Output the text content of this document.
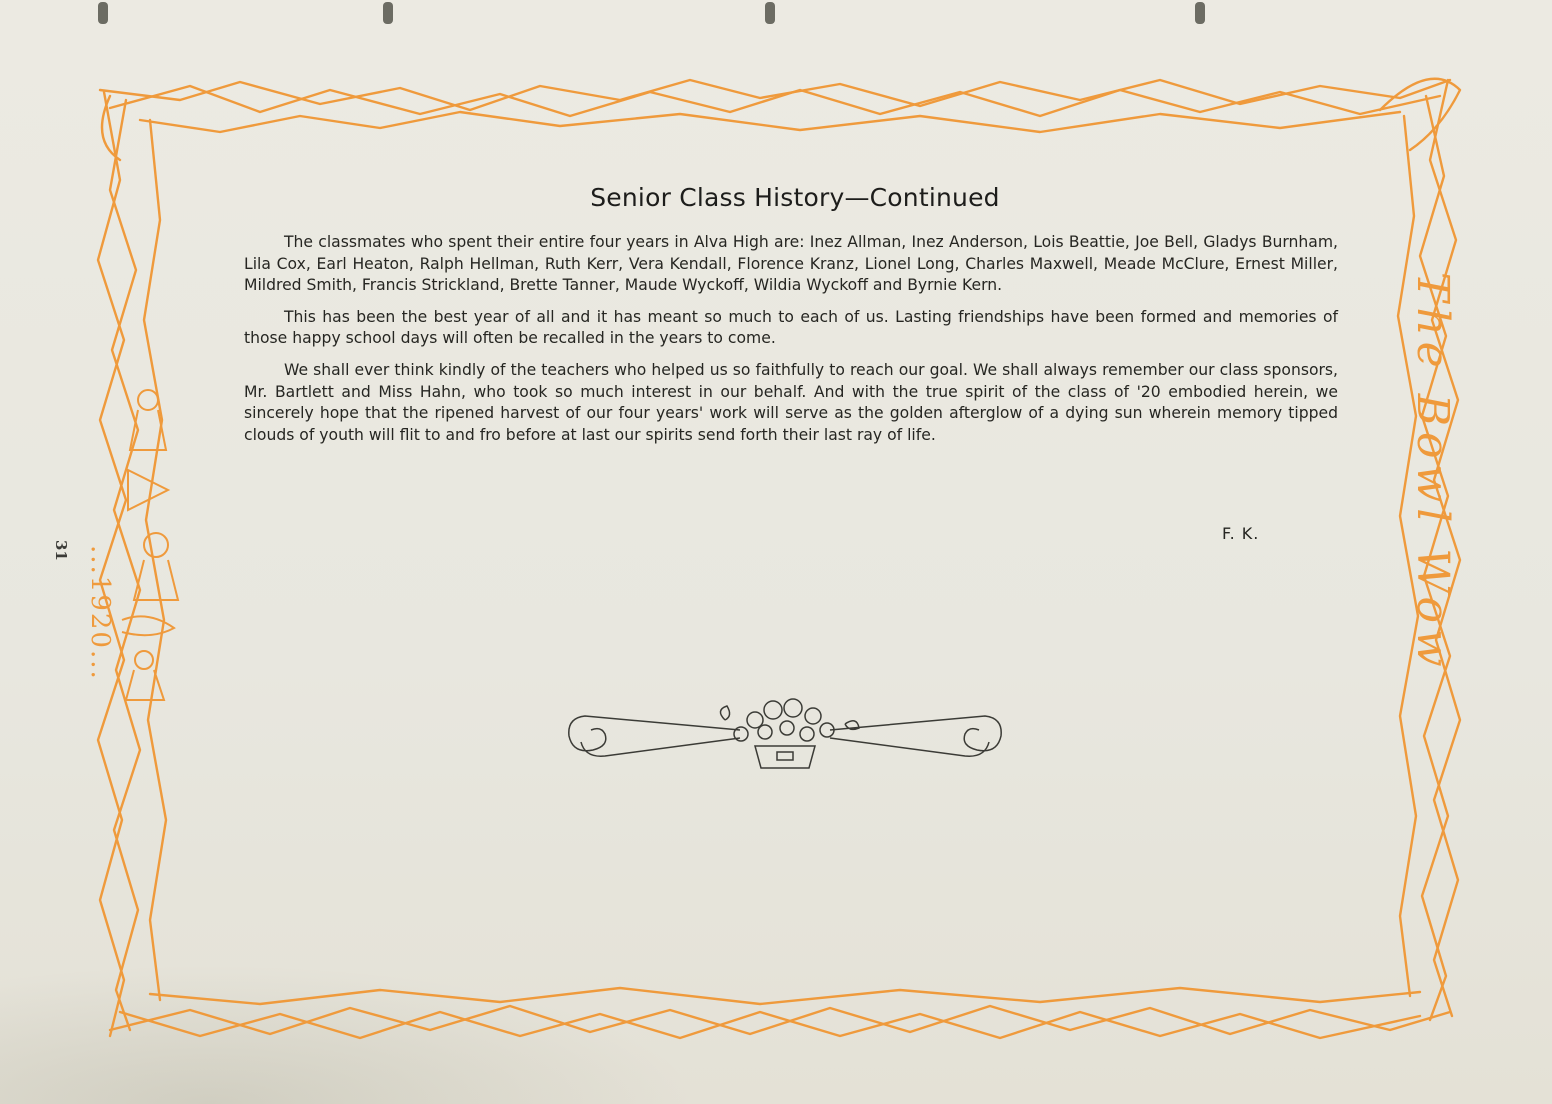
...1920...
31	The Bowl Wow
Senior Class History—Continued

The classmates who spent their entire four years in Alva High are: Inez Allman, Inez Anderson, Lois Beattie, Joe Bell, Gladys Burnham, Lila Cox, Earl Heaton, Ralph Hellman, Ruth Kerr, Vera Kendall, Florence Kranz, Lionel Long, Charles Maxwell, Meade McClure, Ernest Miller, Mildred Smith, Francis Strickland, Brette Tanner, Maude Wyckoff, Wildia Wyckoff and Byrnie Kern.

This has been the best year of all and it has meant so much to each of us. Lasting friendships have been formed and memories of those happy school days will often be recalled in the years to come.

We shall ever think kindly of the teachers who helped us so faithfully to reach our goal. We shall always remember our class sponsors, Mr. Bartlett and Miss Hahn, who took so much interest in our behalf. And with the true spirit of the class of '20 embodied herein, we sincerely hope that the ripened harvest of our four years' work will serve as the golden afterglow of a dying sun wherein memory tipped clouds of youth will flit to and fro before at last our spirits send forth their last ray of life.

F. K.
